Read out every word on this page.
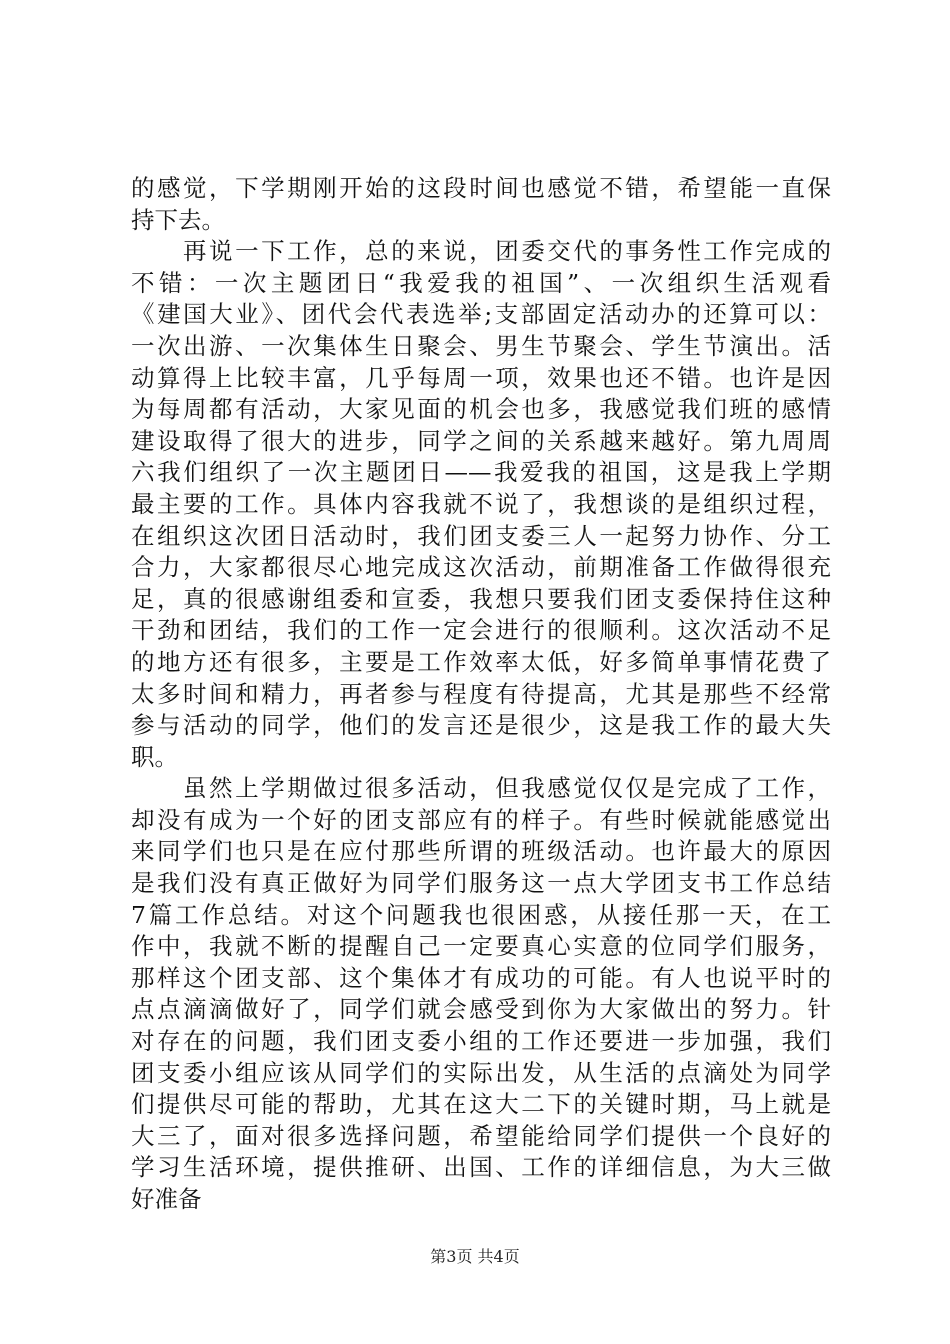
的感觉，下学期刚开始的这段时间也感觉不错，希望能一直保
持下去。
　　再说一下工作，总的来说，团委交代的事务性工作完成的
不错：一次主题团日“我爱我的祖国”、一次组织生活观看
《建国大业》、团代会代表选举;支部固定活动办的还算可以：
一次出游、一次集体生日聚会、男生节聚会、学生节演出。活
动算得上比较丰富，几乎每周一项，效果也还不错。也许是因
为每周都有活动，大家见面的机会也多，我感觉我们班的感情
建设取得了很大的进步，同学之间的关系越来越好。第九周周
六我们组织了一次主题团日——我爱我的祖国，这是我上学期
最主要的工作。具体内容我就不说了，我想谈的是组织过程，
在组织这次团日活动时，我们团支委三人一起努力协作、分工
合力，大家都很尽心地完成这次活动，前期准备工作做得很充
足，真的很感谢组委和宣委，我想只要我们团支委保持住这种
干劲和团结，我们的工作一定会进行的很顺利。这次活动不足
的地方还有很多，主要是工作效率太低，好多简单事情花费了
太多时间和精力，再者参与程度有待提高，尤其是那些不经常
参与活动的同学，他们的发言还是很少，这是我工作的最大失
职。
　　虽然上学期做过很多活动，但我感觉仅仅是完成了工作，
却没有成为一个好的团支部应有的样子。有些时候就能感觉出
来同学们也只是在应付那些所谓的班级活动。也许最大的原因
是我们没有真正做好为同学们服务这一点大学团支书工作总结
7篇工作总结。对这个问题我也很困惑，从接任那一天，在工
作中，我就不断的提醒自己一定要真心实意的位同学们服务，
那样这个团支部、这个集体才有成功的可能。有人也说平时的
点点滴滴做好了，同学们就会感受到你为大家做出的努力。针
对存在的问题，我们团支委小组的工作还要进一步加强，我们
团支委小组应该从同学们的实际出发，从生活的点滴处为同学
们提供尽可能的帮助，尤其在这大二下的关键时期，马上就是
大三了，面对很多选择问题，希望能给同学们提供一个良好的
学习生活环境，提供推研、出国、工作的详细信息，为大三做
好准备
第3页 共4页
